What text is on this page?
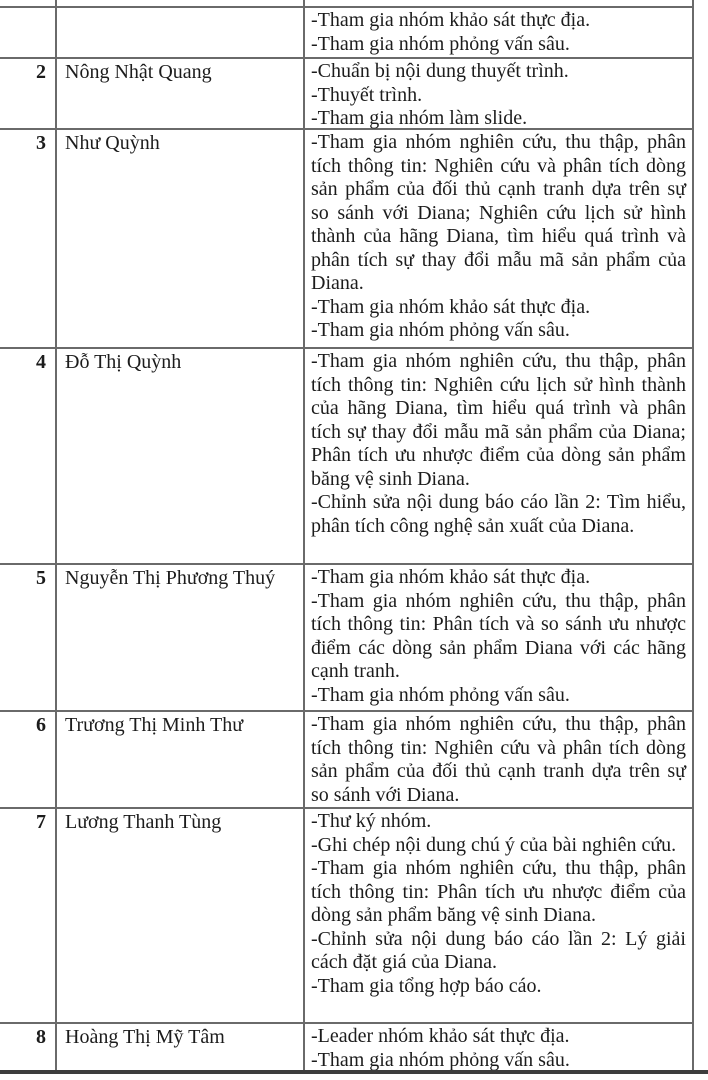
-Tham gia nhóm khảo sát thực địa.

-Tham gia nhóm phỏng vấn sâu.

2 Nông Nhật Quang	-Chuẩn bị nội dung thuyết trình.

-Thuyết trình.

-Tham gia nhóm làm slide.

3 Như Quỳnh	-Tham gia nhóm nghiên cứu, thu thập, phân tích thông tin: Nghiên cứu và phân tích dòng sản phẩm của đối thủ cạnh tranh dựa trên sự so sánh với Diana; Nghiên cứu lịch sử hình thành của hãng Diana, tìm hiểu quá trình và phân tích sự thay đổi mẫu mã sản phẩm của Diana.

-Tham gia nhóm khảo sát thực địa.

-Tham gia nhóm phỏng vấn sâu.

4 Đỗ Thị Quỳnh	-Tham gia nhóm nghiên cứu, thu thập, phân tích thông tin: Nghiên cứu lịch sử hình thành của hãng Diana, tìm hiểu quá trình và phân tích sự thay đổi mẫu mã sản phẩm của Diana; Phân tích ưu nhược điểm của dòng sản phẩm băng vệ sinh Diana.

-Chỉnh sửa nội dung báo cáo lần 2: Tìm hiểu, phân tích công nghệ sản xuất của Diana.

5 Nguyễn Thị Phương Thuý	-Tham gia nhóm khảo sát thực địa.

-Tham gia nhóm nghiên cứu, thu thập, phân tích thông tin: Phân tích và so sánh ưu nhược điểm các dòng sản phẩm Diana với các hãng cạnh tranh.

-Tham gia nhóm phỏng vấn sâu.

6 Trương Thị Minh Thư	-Tham gia nhóm nghiên cứu, thu thập, phân tích thông tin: Nghiên cứu và phân tích dòng sản phẩm của đối thủ cạnh tranh dựa trên sự so sánh với Diana.

7 Lương Thanh Tùng	-Thư ký nhóm.

-Ghi chép nội dung chú ý của bài nghiên cứu.

-Tham gia nhóm nghiên cứu, thu thập, phân tích thông tin: Phân tích ưu nhược điểm của dòng sản phẩm băng vệ sinh Diana.

-Chỉnh sửa nội dung báo cáo lần 2: Lý giải cách đặt giá của Diana.

-Tham gia tổng hợp báo cáo.

8 Hoàng Thị Mỹ Tâm	-Leader nhóm khảo sát thực địa.

-Tham gia nhóm phỏng vấn sâu.
